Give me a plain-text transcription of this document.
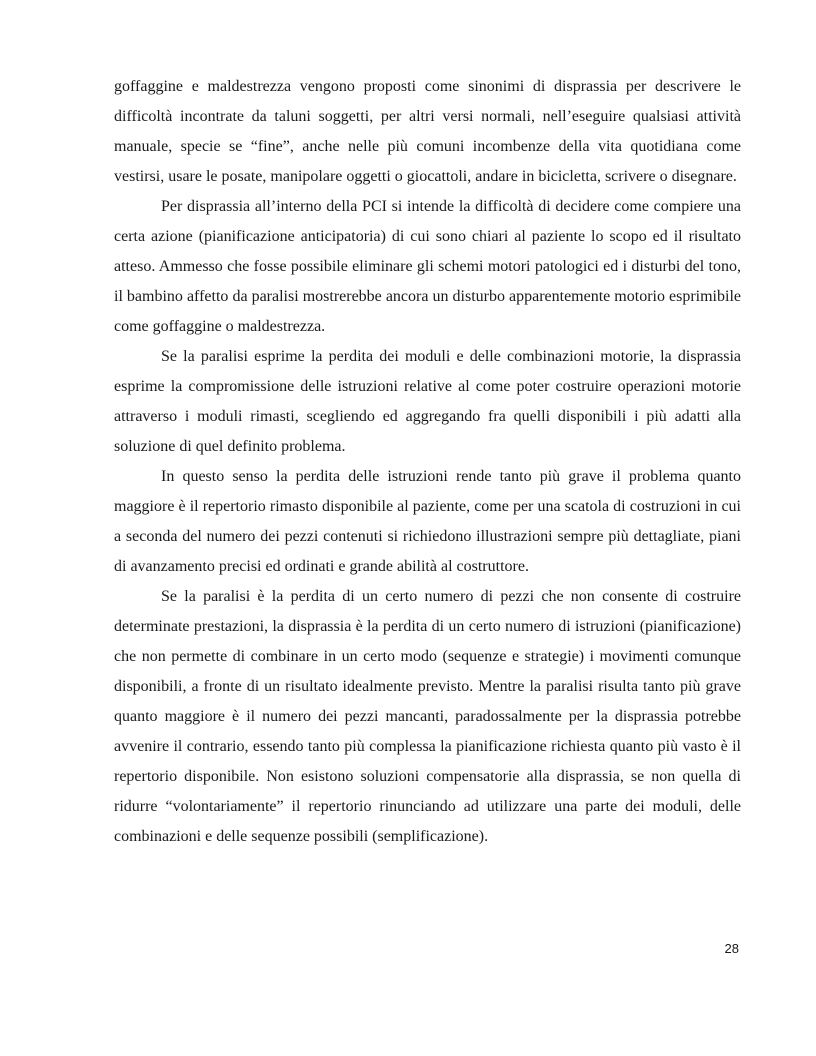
goffaggine e maldestrezza vengono proposti come sinonimi di disprassia per descrivere le difficoltà incontrate da taluni soggetti, per altri versi normali, nell’eseguire qualsiasi attività manuale, specie se “fine”, anche nelle più comuni incombenze della vita quotidiana come vestirsi, usare le posate, manipolare oggetti o giocattoli, andare in bicicletta, scrivere o disegnare.

Per disprassia all’interno della PCI si intende la difficoltà di decidere come compiere una certa azione (pianificazione anticipatoria) di cui sono chiari al paziente lo scopo ed il risultato atteso. Ammesso che fosse possibile eliminare gli schemi motori patologici ed i disturbi del tono, il bambino affetto da paralisi mostrerebbe ancora un disturbo apparentemente motorio esprimibile come goffaggine o maldestrezza.

Se la paralisi esprime la perdita dei moduli e delle combinazioni motorie, la disprassia esprime la compromissione delle istruzioni relative al come poter costruire operazioni motorie attraverso i moduli rimasti, scegliendo ed aggregando fra quelli disponibili i più adatti alla soluzione di quel definito problema.

In questo senso la perdita delle istruzioni rende tanto più grave il problema quanto maggiore è il repertorio rimasto disponibile al paziente, come per una scatola di costruzioni in cui a seconda del numero dei pezzi contenuti si richiedono illustrazioni sempre più dettagliate, piani di avanzamento precisi ed ordinati e grande abilità al costruttore.

Se la paralisi è la perdita di un certo numero di pezzi che non consente di costruire determinate prestazioni, la disprassia è la perdita di un certo numero di istruzioni (pianificazione) che non permette di combinare in un certo modo (sequenze e strategie) i movimenti comunque disponibili, a fronte di un risultato idealmente previsto. Mentre la paralisi risulta tanto più grave quanto maggiore è il numero dei pezzi mancanti, paradossalmente per la disprassia potrebbe avvenire il contrario, essendo tanto più complessa la pianificazione richiesta quanto più vasto è il repertorio disponibile. Non esistono soluzioni compensatorie alla disprassia, se non quella di ridurre “volontariamente” il repertorio rinunciando ad utilizzare una parte dei moduli, delle combinazioni e delle sequenze possibili (semplificazione).

28
